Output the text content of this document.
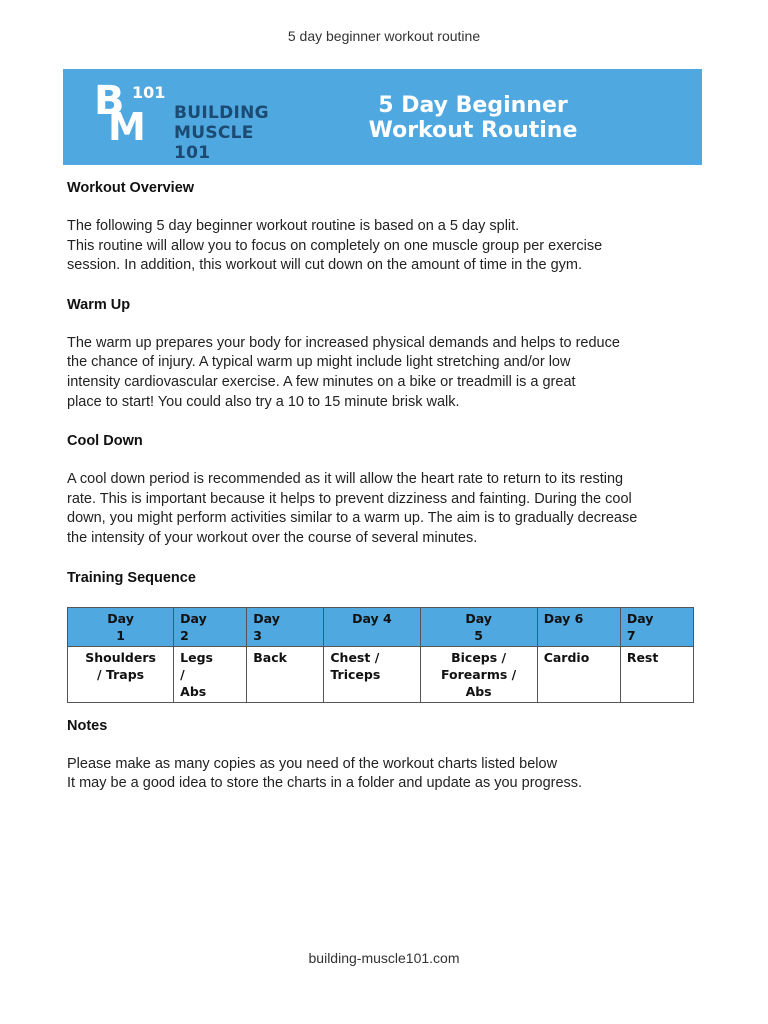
5 day beginner workout routine
B
M
101
BUILDING
MUSCLE 101
5 Day Beginner
Workout Routine

Workout Overview

The following 5 day beginner workout routine is based on a 5 day split.

This routine will allow you to focus on completely on one muscle group per exercise

session. In addition, this workout will cut down on the amount of time in the gym.

Warm Up

The warm up prepares your body for increased physical demands and helps to reduce

the chance of injury. A typical warm up might include light stretching and/or low

intensity cardiovascular exercise. A few minutes on a bike or treadmill is a great

place to start! You could also try a 10 to 15 minute brisk walk.

Cool Down

A cool down period is recommended as it will allow the heart rate to return to its resting

rate. This is important because it helps to prevent dizziness and fainting. During the cool

down, you might perform activities similar to a warm up. The aim is to gradually decrease

the intensity of your workout over the course of several minutes.

Training Sequence

Day
1	Day
2	Day
3	Day 4	Day
5	Day 6	Day
7
Shoulders
/ Traps	Legs
/
Abs	Back	Chest /
Triceps	Biceps /
Forearms /
Abs	Cardio	Rest

Notes

Please make as many copies as you need of the workout charts listed below

It may be a good idea to store the charts in a folder and update as you progress.

building-muscle101.com
